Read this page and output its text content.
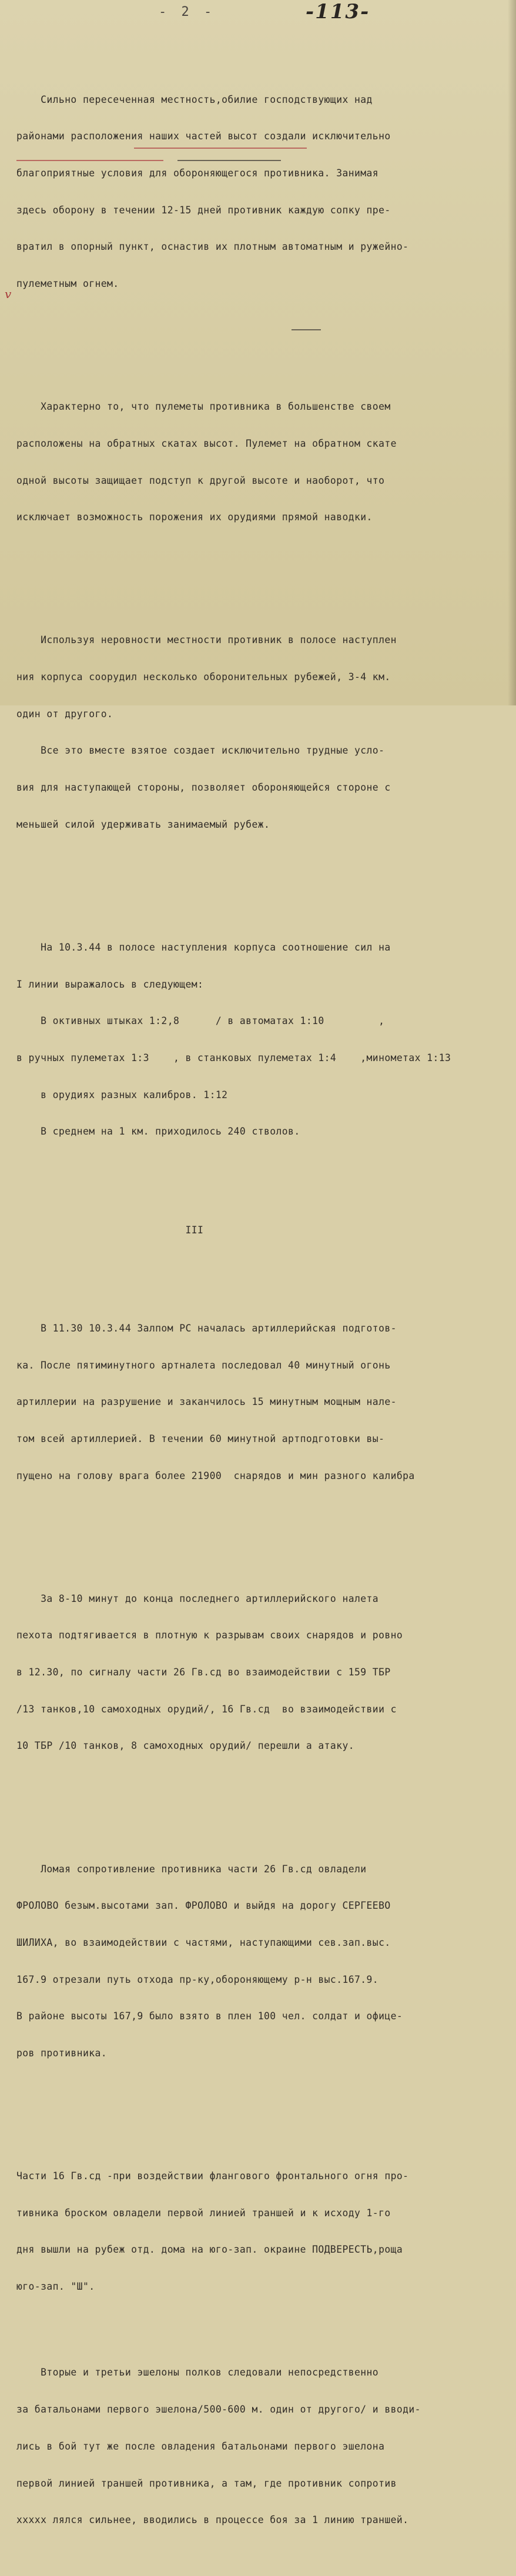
- 2 -	-113-
v

Сильно пересеченная местность,обилие господствующих над

районами расположения наших частей высот создали исключительно

благоприятные условия для обороняющегося противника. Занимая

здесь оборону в течении 12-15 дней противник каждую сопку пре-

вратил в опорный пункт, оснастив их плотным автоматным и ружейно-

пулеметным огнем.

Характерно то, что пулеметы противника в большенстве своем

расположены на обратных скатах высот. Пулемет на обратном скате

одной высоты защищает подступ к другой высоте и наоборот, что

исключает возможность порожения их орудиями прямой наводки.

Используя неровности местности противник в полосе наступлен

ния корпуса соорудил несколько оборонительных рубежей, 3-4 км.

один от другого.

Все это вместе взятое создает исключительно трудные усло-

вия для наступающей стороны, позволяет обороняющейся стороне с

меньшей силой удерживать занимаемый рубеж.

На 10.3.44 в полосе наступления корпуса соотношение сил на

I линии выражалось в следующем:

В октивных штыках 1:2,8      / в автоматах 1:10         ,

в ручных пулеметах 1:3    , в станковых пулеметах 1:4    ,минометах 1:13

в орудиях разных калибров. 1:12

В среднем на 1 км. приходилось 240 стволов.

III

В 11.30 10.3.44 Залпом РС началась артиллерийская подготов-

ка. После пятиминутного артналета последовал 40 минутный огонь

артиллерии на разрушение и заканчилось 15 минутным мощным нале-

том всей артиллерией. В течении 60 минутной артподготовки вы-

пущено на голову врага более 21900  снарядов и мин разного калибра

За 8-10 минут до конца последнего артиллерийского налета

пехота подтягивается в плотную к разрывам своих снарядов и ровно

в 12.30, по сигналу части 26 Гв.сд во взаимодействии с 159 ТБР

/13 танков,10 самоходных орудий/, 16 Гв.сд  во взаимодействии с

10 ТБР /10 танков, 8 самоходных орудий/ перешли а атаку.

Ломая сопротивление противника части 26 Гв.сд овладели

ФРОЛОВО безым.высотами зап. ФРОЛОВО и выйдя на дорогу СЕРГЕЕВО

ШИЛИХА, во взаимодействии с частями, наступающими сев.зап.выс.

167.9 отрезали путь отхода пр-ку,обороняющему р-н выс.167.9.

В районе высоты 167,9 было взято в плен 100 чел. солдат и офице-

ров противника.

Части 16 Гв.сд -при воздействии флангового фронтального огня про-

тивника броском овладели первой линией траншей и к исходу 1-го

дня вышли на рубеж отд. дома на юго-зап. окраине ПОДВЕРЕСТЬ,роща

юго-зап. "Ш".

Вторые и третьи эшелоны полков следовали непосредственно

за батальонами первого эшелона/500-600 м. один от другого/ и вводи-

лись в бой тут же после овладения батальонами первого эшелона

первой линией траншей противника, а там, где противник сопротив

xxxxx лялся сильнее, вводились в процессе боя за 1 линию траншей.
